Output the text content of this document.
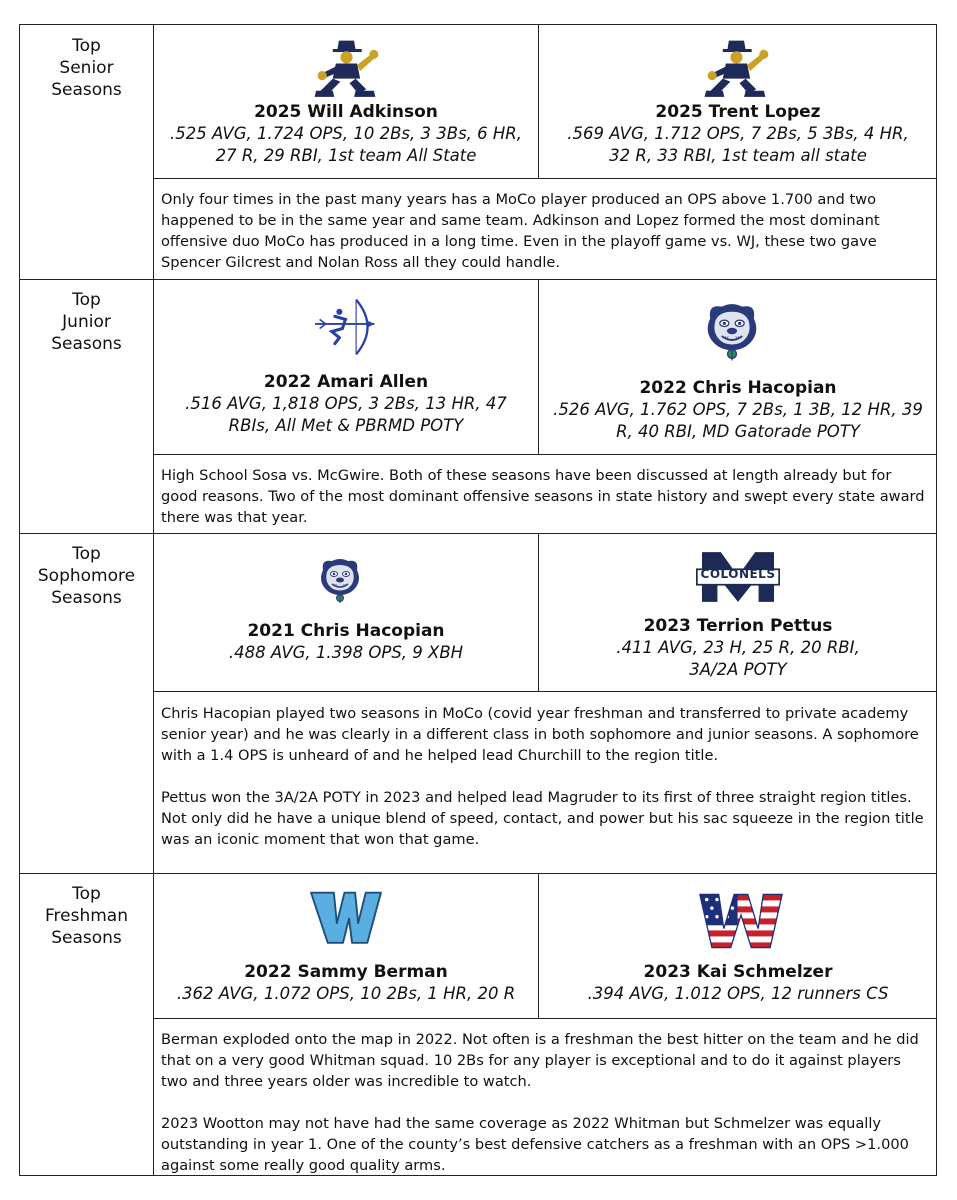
Top
Senior
Seasons
2025 Will Adkinson
.525 AVG, 1.724 OPS, 10 2Bs, 3 3Bs, 6 HR,
27 R, 29 RBI, 1st team All State
2025 Trent Lopez
.569 AVG, 1.712 OPS, 7 2Bs, 5 3Bs, 4 HR,
32 R, 33 RBI, 1st team all state

Only four times in the past many years has a MoCo player produced an OPS above 1.700 and two happened to be in the same year and same team. Adkinson and Lopez formed the most dominant offensive duo MoCo has produced in a long time. Even in the playoff game vs. WJ, these two gave Spencer Gilcrest and Nolan Ross all they could handle.

Top
Junior
Seasons
2022 Amari Allen
.516 AVG, 1,818 OPS, 3 2Bs, 13 HR, 47
RBIs, All Met & PBRMD POTY
2022 Chris Hacopian
.526 AVG, 1.762 OPS, 7 2Bs, 1 3B, 12 HR, 39
R, 40 RBI, MD Gatorade POTY

High School Sosa vs. McGwire. Both of these seasons have been discussed at length already but for good reasons. Two of the most dominant offensive seasons in state history and swept every state award there was that year.

Top
Sophomore
Seasons
2021 Chris Hacopian
.488 AVG, 1.398 OPS, 9 XBH
COLONELS
2023 Terrion Pettus
.411 AVG, 23 H, 25 R, 20 RBI,
3A/2A POTY

Chris Hacopian played two seasons in MoCo (covid year freshman and transferred to private academy senior year) and he was clearly in a different class in both sophomore and junior seasons. A sophomore with a 1.4 OPS is unheard of and he helped lead Churchill to the region title.

Pettus won the 3A/2A POTY in 2023 and helped lead Magruder to its first of three straight region titles. Not only did he have a unique blend of speed, contact, and power but his sac squeeze in the region title was an iconic moment that won that game.

Top
Freshman
Seasons
2022 Sammy Berman
.362 AVG, 1.072 OPS, 10 2Bs, 1 HR, 20 R
2023 Kai Schmelzer
.394 AVG, 1.012 OPS, 12 runners CS

Berman exploded onto the map in 2022. Not often is a freshman the best hitter on the team and he did that on a very good Whitman squad. 10 2Bs for any player is exceptional and to do it against players two and three years older was incredible to watch.

2023 Wootton may not have had the same coverage as 2022 Whitman but Schmelzer was equally outstanding in year 1. One of the county’s best defensive catchers as a freshman with an OPS >1.000 against some really good quality arms.
